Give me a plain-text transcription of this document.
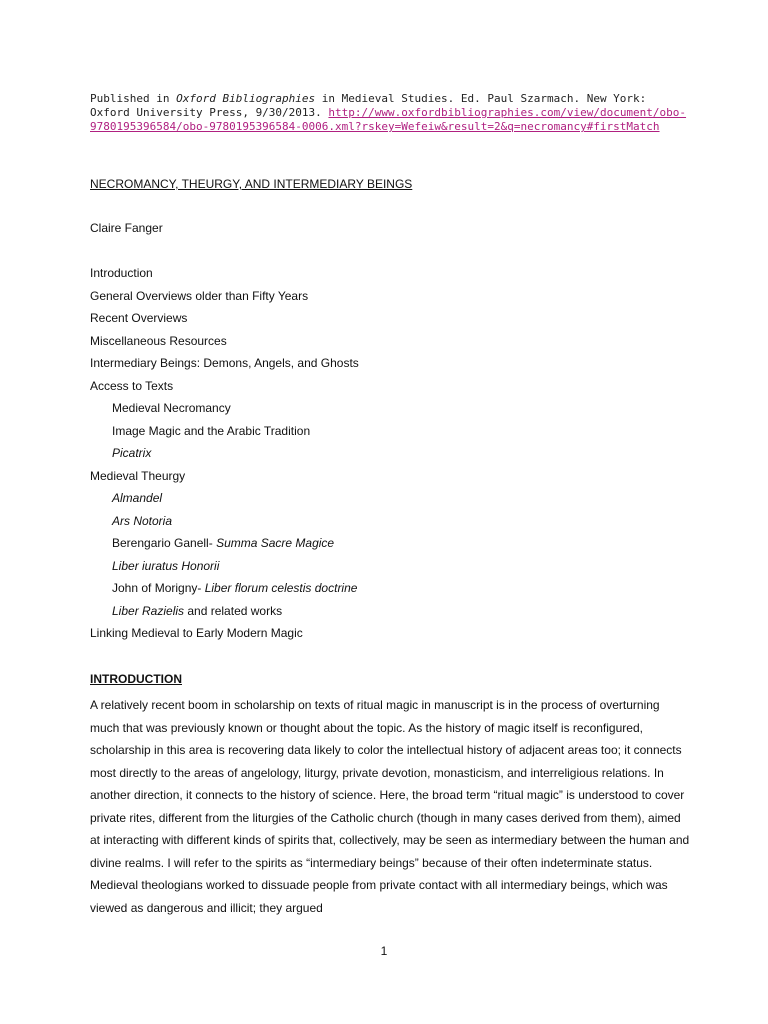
Published in Oxford Bibliographies in Medieval Studies. Ed. Paul Szarmach. New York: Oxford University Press, 9/30/2013. http://www.oxfordbibliographies.com/view/document/obo-9780195396584/obo-9780195396584-0006.xml?rskey=Wefeiw&result=2&q=necromancy#firstMatch
NECROMANCY, THEURGY, AND INTERMEDIARY BEINGS
Claire Fanger
Introduction
General Overviews older than Fifty Years
Recent Overviews
Miscellaneous Resources
Intermediary Beings: Demons, Angels, and Ghosts
Access to Texts
Medieval Necromancy
Image Magic and the Arabic Tradition
Picatrix
Medieval Theurgy
Almandel
Ars Notoria
Berengario Ganell- Summa Sacre Magice
Liber iuratus Honorii
John of Morigny- Liber florum celestis doctrine
Liber Razielis and related works
Linking Medieval to Early Modern Magic
INTRODUCTION

A relatively recent boom in scholarship on texts of ritual magic in manuscript is in the process of overturning much that was previously known or thought about the topic. As the history of magic itself is reconfigured, scholarship in this area is recovering data likely to color the intellectual history of adjacent areas too; it connects most directly to the areas of angelology, liturgy, private devotion, monasticism, and interreligious relations. In another direction, it connects to the history of science. Here, the broad term “ritual magic” is understood to cover private rites, different from the liturgies of the Catholic church (though in many cases derived from them), aimed at interacting with different kinds of spirits that, collectively, may be seen as intermediary between the human and divine realms. I will refer to the spirits as “intermediary beings” because of their often indeterminate status. Medieval theologians worked to dissuade people from private contact with all intermediary beings, which was viewed as dangerous and illicit; they argued

1
